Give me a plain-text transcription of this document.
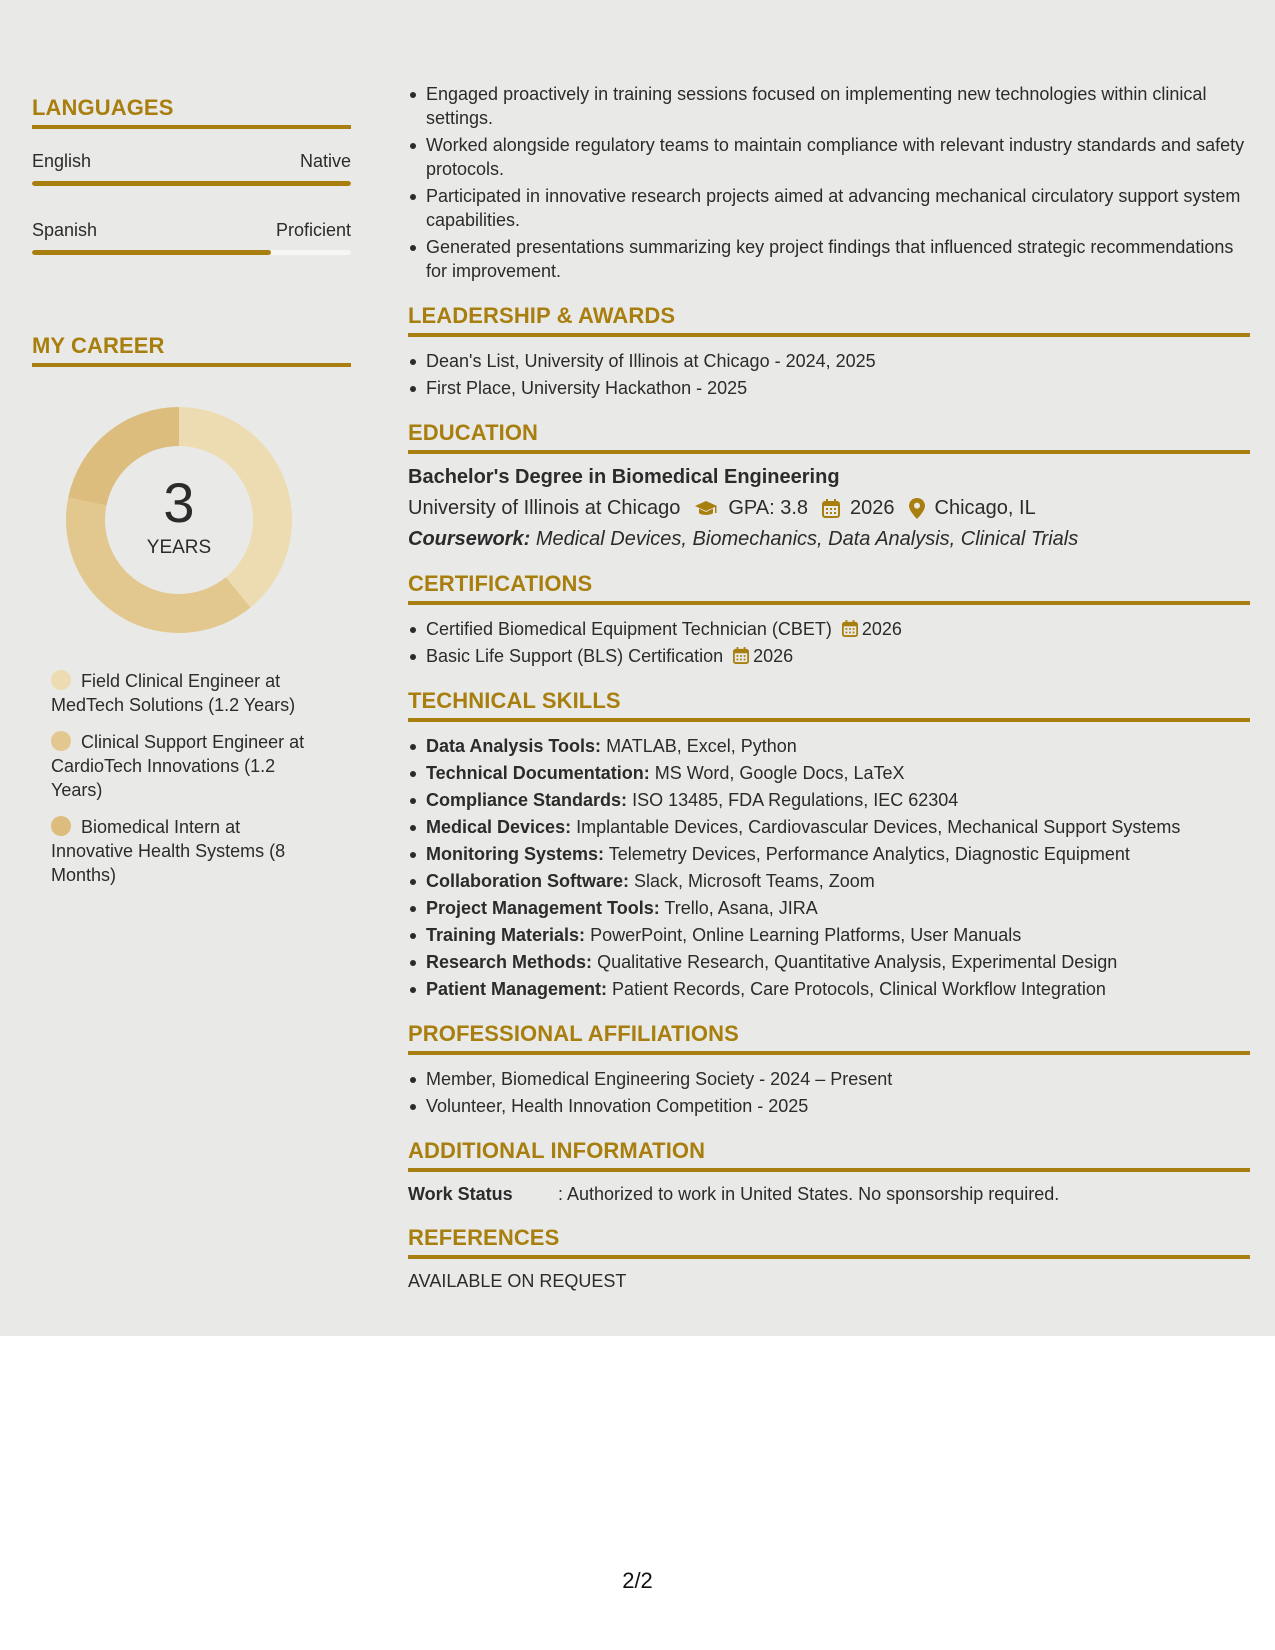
LANGUAGES
English	Native
Spanish	Proficient
MY CAREER
3
YEARS
Field Clinical Engineer at MedTech Solutions (1.2 Years)
Clinical Support Engineer at CardioTech Innovations (1.2 Years)
Biomedical Intern at Innovative Health Systems (8 Months)
Engaged proactively in training sessions focused on implementing new technologies within clinical settings.
Worked alongside regulatory teams to maintain compliance with relevant industry standards and safety protocols.
Participated in innovative research projects aimed at advancing mechanical circulatory support system capabilities.
Generated presentations summarizing key project findings that influenced strategic recommendations for improvement.
LEADERSHIP & AWARDS
Dean's List, University of Illinois at Chicago - 2024, 2025
First Place, University Hackathon - 2025
EDUCATION
Bachelor's Degree in Biomedical Engineering
University of Illinois at Chicago GPA: 3.8 2026 Chicago, IL
Coursework: Medical Devices, Biomechanics, Data Analysis, Clinical Trials
CERTIFICATIONS
Certified Biomedical Equipment Technician (CBET) 2026
Basic Life Support (BLS) Certification 2026
TECHNICAL SKILLS
Data Analysis Tools: MATLAB, Excel, Python
Technical Documentation: MS Word, Google Docs, LaTeX
Compliance Standards: ISO 13485, FDA Regulations, IEC 62304
Medical Devices: Implantable Devices, Cardiovascular Devices, Mechanical Support Systems
Monitoring Systems: Telemetry Devices, Performance Analytics, Diagnostic Equipment
Collaboration Software: Slack, Microsoft Teams, Zoom
Project Management Tools: Trello, Asana, JIRA
Training Materials: PowerPoint, Online Learning Platforms, User Manuals
Research Methods: Qualitative Research, Quantitative Analysis, Experimental Design
Patient Management: Patient Records, Care Protocols, Clinical Workflow Integration
PROFESSIONAL AFFILIATIONS
Member, Biomedical Engineering Society - 2024 – Present
Volunteer, Health Innovation Competition - 2025
ADDITIONAL INFORMATION
Work Status	: Authorized to work in United States. No sponsorship required.
REFERENCES
AVAILABLE ON REQUEST
2/2
